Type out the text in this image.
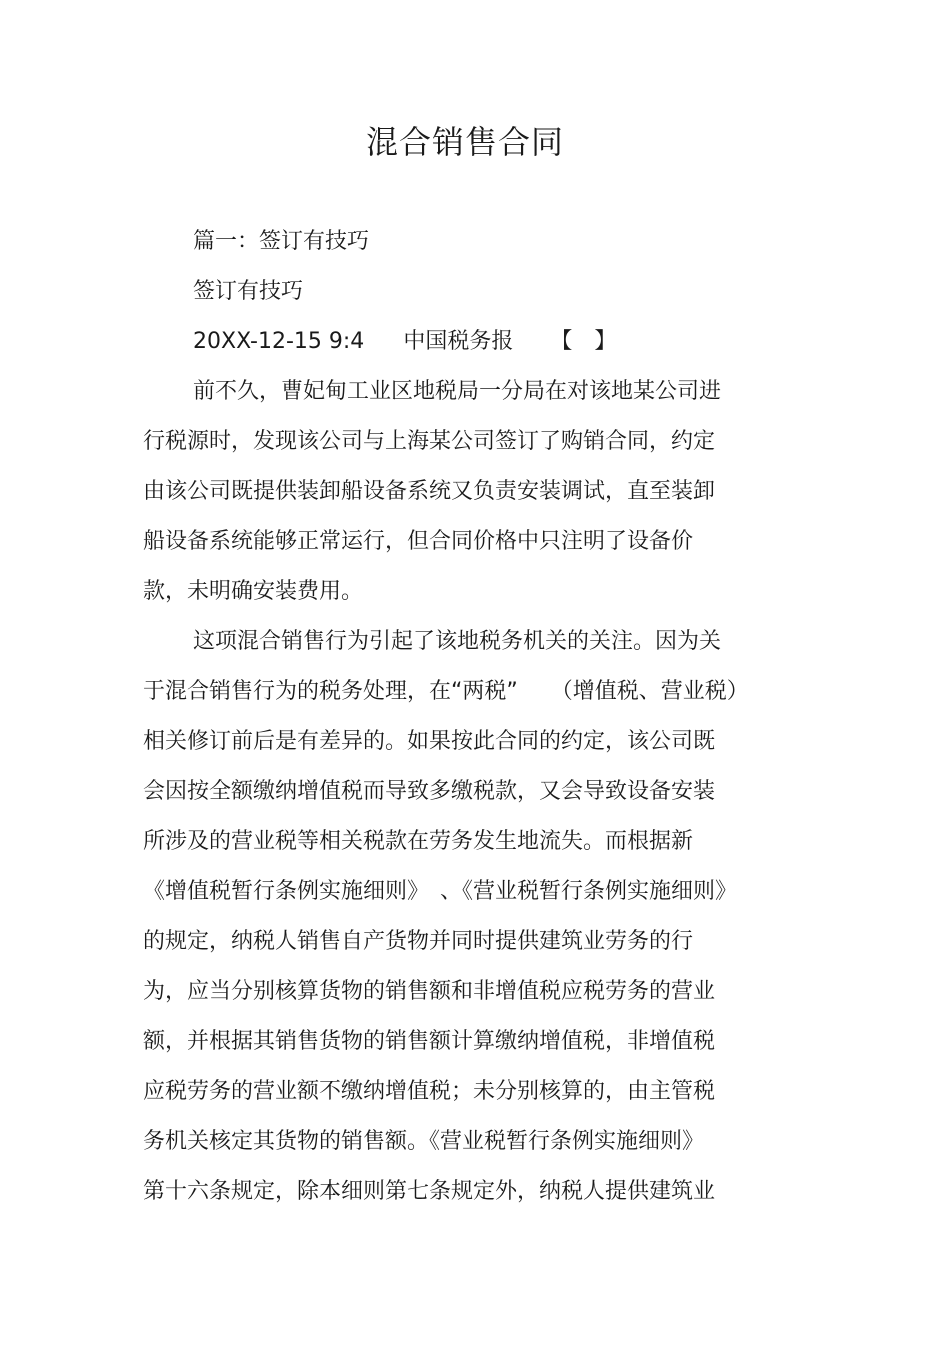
混合销售合同
篇一：签订有技巧
签订有技巧
20XX-12-15 9:4 中国税务报 【　】
前不久，曹妃甸工业区地税局一分局在对该地某公司进
行税源时，发现该公司与上海某公司签订了购销合同，约定
由该公司既提供装卸船设备系统又负责安装调试，直至装卸
船设备系统能够正常运行，但合同价格中只注明了设备价
款，未明确安装费用。
这项混合销售行为引起了该地税务机关的关注。因为关
于混合销售行为的税务处理，在“两税”　　（增值税、营业税）
相关修订前后是有差异的。如果按此合同的约定，该公司既
会因按全额缴纳增值税而导致多缴税款，又会导致设备安装
所涉及的营业税等相关税款在劳务发生地流失。而根据新
《增值税暂行条例实施细则》　、《营业税暂行条例实施细则》
的规定，纳税人销售自产货物并同时提供建筑业劳务的行
为，应当分别核算货物的销售额和非增值税应税劳务的营业
额，并根据其销售货物的销售额计算缴纳增值税，非增值税
应税劳务的营业额不缴纳增值税；未分别核算的，由主管税
务机关核定其货物的销售额。《营业税暂行条例实施细则》
第十六条规定，除本细则第七条规定外，纳税人提供建筑业
